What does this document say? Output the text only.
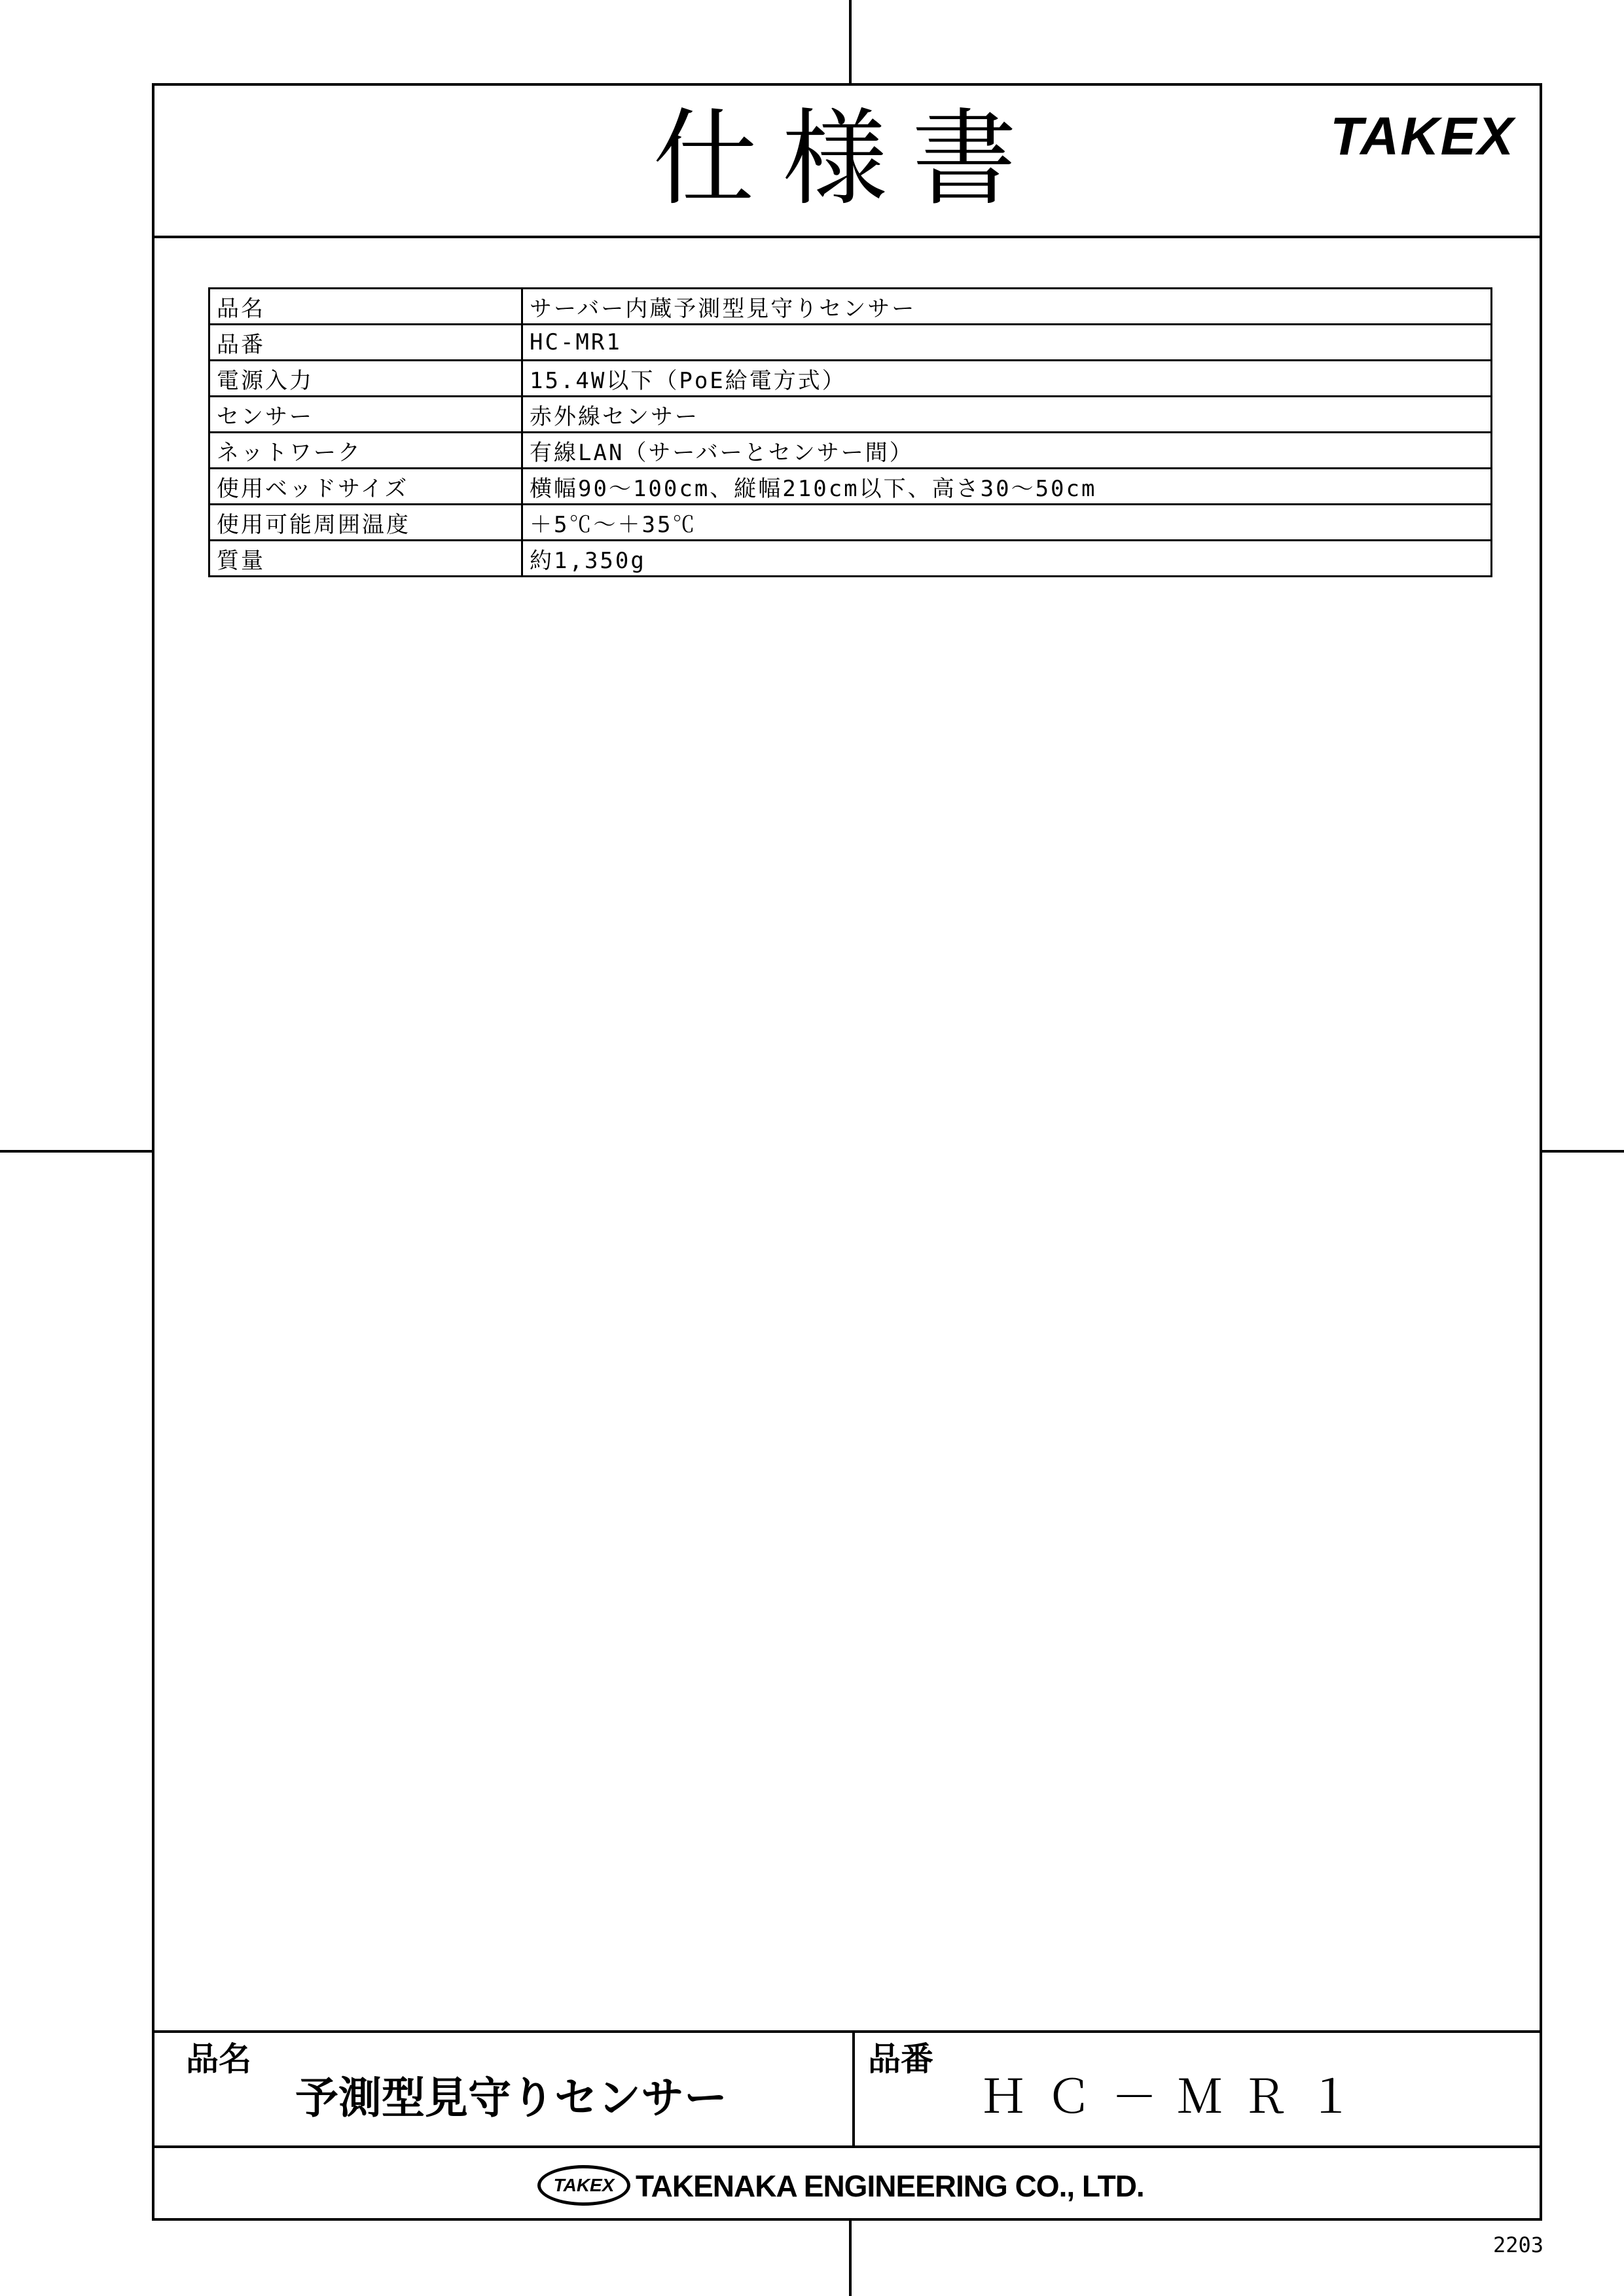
仕様書	TAKEX
品名	サーバー内蔵予測型見守りセンサー
品番	HC-MR1
電源入力	15.4W以下（PoE給電方式）
センサー	赤外線センサー
ネットワーク	有線LAN（サーバーとセンサー間）
使用ベッドサイズ	横幅90～100cm、縦幅210cm以下、高さ30～50cm
使用可能周囲温度	＋5℃～＋35℃
質量	約1,350g
品名
予測型見守りセンサー
品番
ＨＣ－ＭＲ１
TAKEX TAKENAKA ENGINEERING CO., LTD.
2203
